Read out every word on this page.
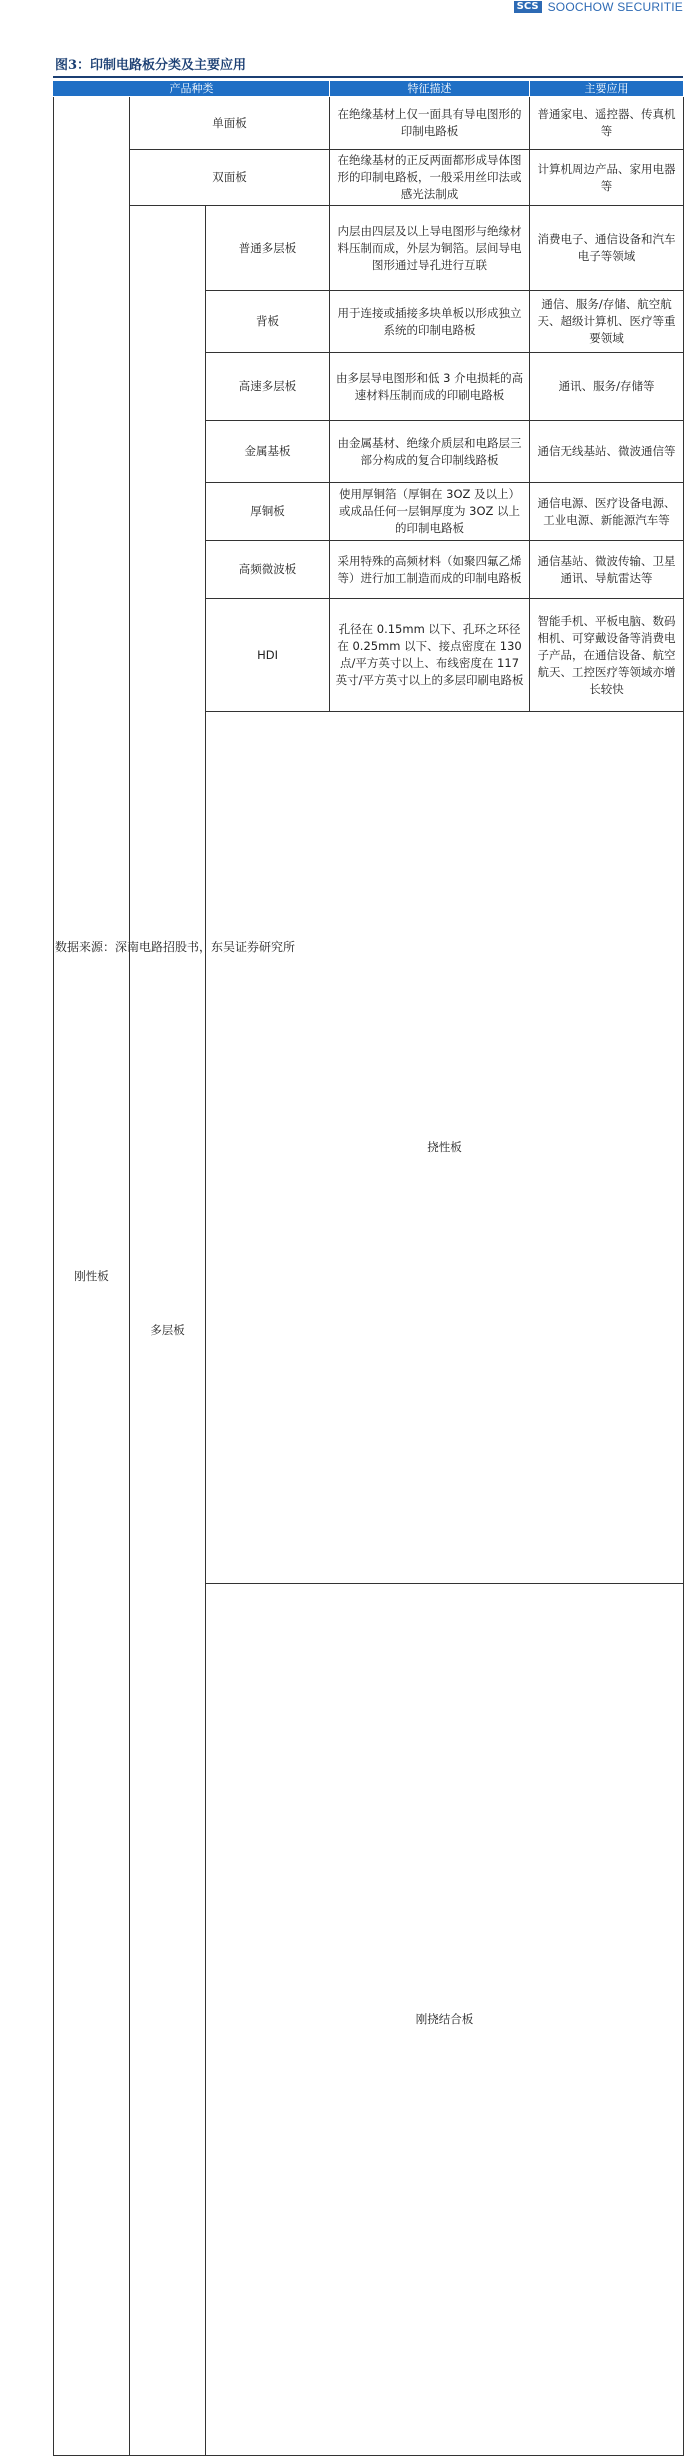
SCS SOOCHOW SECURITIE
图3：印制电路板分类及主要应用
产品种类			特征描述	主要应用	
刚性板	单面板		在绝缘基材上仅一面具有导电图形的印制电路板	普通家电、遥控器、传真机等	
	双面板		在绝缘基材的正反两面都形成导体图形的印制电路板，一般采用丝印法或感光法制成	计算机周边产品、家用电器等	
	多层板	普通多层板	内层由四层及以上导电图形与绝缘材料压制而成，外层为铜箔。层间导电图形通过导孔进行互联	消费电子、通信设备和汽车电子等领域	
		背板	用于连接或插接多块单板以形成独立系统的印制电路板	通信、服务/存储、航空航天、超级计算机、医疗等重要领域	
		高速多层板	由多层导电图形和低 3 介电损耗的高速材料压制而成的印刷电路板	通讯、服务/存储等	
		金属基板	由金属基材、绝缘介质层和电路层三部分构成的复合印制线路板	通信无线基站、微波通信等	
		厚铜板	使用厚铜箔（厚铜在 3OZ 及以上）或成品任何一层铜厚度为 3OZ 以上的印制电路板	通信电源、医疗设备电源、工业电源、新能源汽车等	
		高频微波板	采用特殊的高频材料（如聚四氟乙烯等）进行加工制造而成的印制电路板	通信基站、微波传输、卫星通讯、导航雷达等	
		HDI	孔径在 0.15mm 以下、孔环之环径在 0.25mm 以下、接点密度在 130 点/平方英寸以上、布线密度在 117 英寸/平方英寸以上的多层印刷电路板	智能手机、平板电脑、数码相机、可穿戴设备等消费电子产品，在通信设备、航空航天、工控医疗等领域亦增长较快	
		挠性板		
		刚挠结合板		
数据来源：深南电路招股书，东吴证券研究所
